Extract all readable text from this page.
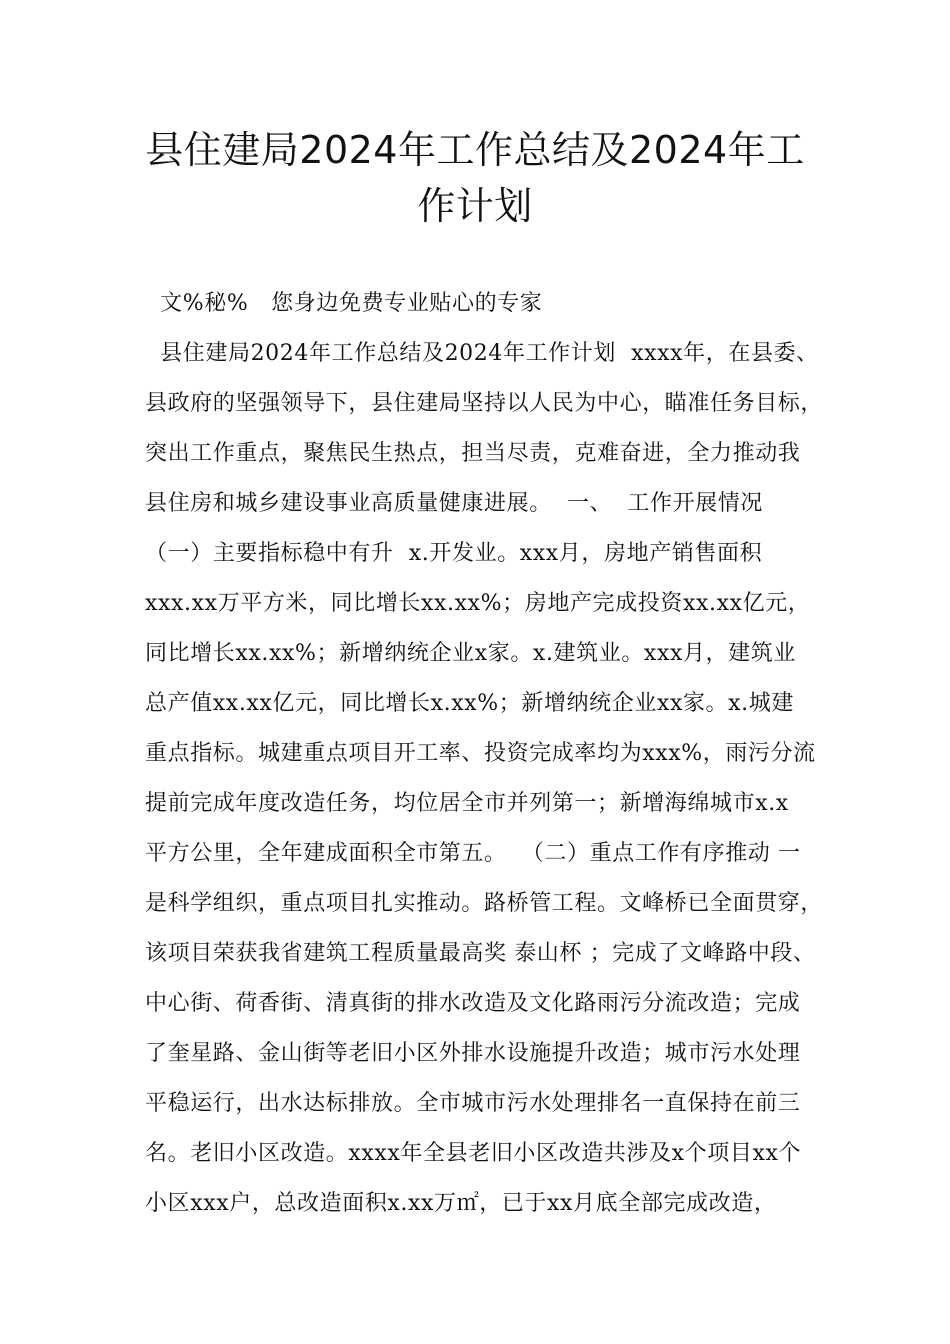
县住建局2024年工作总结及2024年工
作计划
文%秘%   您身边免费专业贴心的专家
县住建局2024年工作总结及2024年工作计划  xxxx年，在县委、
县政府的坚强领导下，县住建局坚持以人民为中心，瞄准任务目标，
突出工作重点，聚焦民生热点，担当尽责，克难奋进，全力推动我
县住房和城乡建设事业高质量健康进展。  一、  工作开展情况
（一）主要指标稳中有升  x.开发业。xxx月，房地产销售面积
xxx.xx万平方米，同比增长xx.xx%；房地产完成投资xx.xx亿元，
同比增长xx.xx%；新增纳统企业x家。x.建筑业。xxx月，建筑业
总产值xx.xx亿元，同比增长x.xx%；新增纳统企业xx家。x.城建
重点指标。城建重点项目开工率、投资完成率均为xxx%，雨污分流
提前完成年度改造任务，均位居全市并列第一；新增海绵城市x.x
平方公里，全年建成面积全市第五。  （二）重点工作有序推动 一
是科学组织，重点项目扎实推动。路桥管工程。文峰桥已全面贯穿，
该项目荣获我省建筑工程质量最高奖 泰山杯 ；完成了文峰路中段、
中心街、荷香街、清真街的排水改造及文化路雨污分流改造；完成
了奎星路、金山街等老旧小区外排水设施提升改造；城市污水处理
平稳运行，出水达标排放。全市城市污水处理排名一直保持在前三
名。老旧小区改造。xxxx年全县老旧小区改造共涉及x个项目xx个
小区xxx户，总改造面积x.xx万㎡，已于xx月底全部完成改造，
